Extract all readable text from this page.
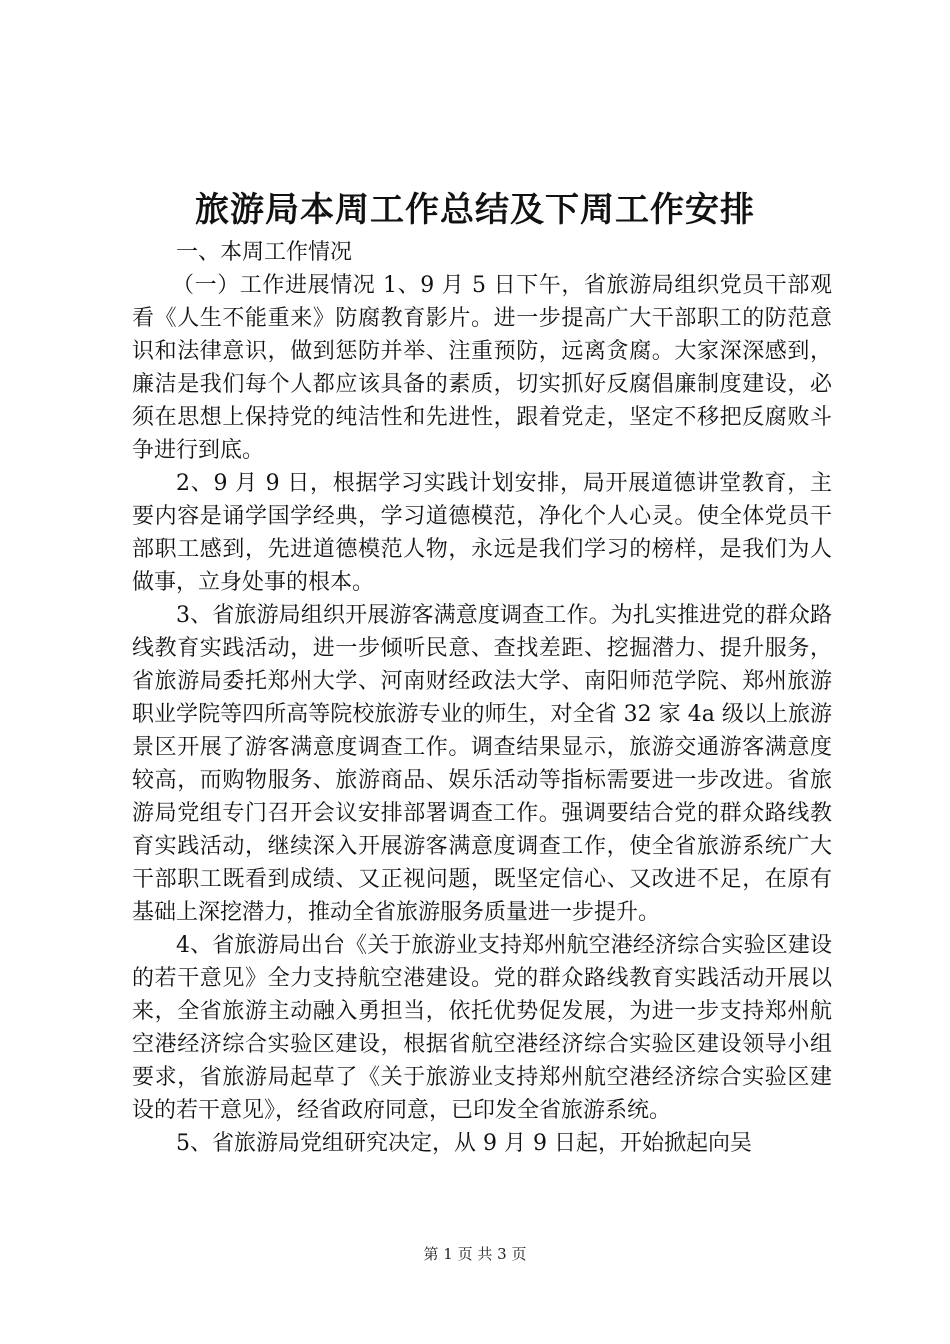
旅游局本周工作总结及下周工作安排

一、本周工作情况

（一）工作进展情况 1、9 月 5 日下午，省旅游局组织党员干部观看《人生不能重来》防腐教育影片。进一步提高广大干部职工的防范意识和法律意识，做到惩防并举、注重预防，远离贪腐。大家深深感到，廉洁是我们每个人都应该具备的素质，切实抓好反腐倡廉制度建设，必须在思想上保持党的纯洁性和先进性，跟着党走，坚定不移把反腐败斗争进行到底。

2、9 月 9 日，根据学习实践计划安排，局开展道德讲堂教育，主要内容是诵学国学经典，学习道德模范，净化个人心灵。使全体党员干部职工感到，先进道德模范人物，永远是我们学习的榜样，是我们为人做事，立身处事的根本。

3、省旅游局组织开展游客满意度调查工作。为扎实推进党的群众路线教育实践活动，进一步倾听民意、查找差距、挖掘潜力、提升服务，省旅游局委托郑州大学、河南财经政法大学、南阳师范学院、郑州旅游职业学院等四所高等院校旅游专业的师生，对全省 32 家 4a 级以上旅游景区开展了游客满意度调查工作。调查结果显示，旅游交通游客满意度较高，而购物服务、旅游商品、娱乐活动等指标需要进一步改进。省旅游局党组专门召开会议安排部署调查工作。强调要结合党的群众路线教育实践活动，继续深入开展游客满意度调查工作，使全省旅游系统广大干部职工既看到成绩、又正视问题，既坚定信心、又改进不足，在原有基础上深挖潜力，推动全省旅游服务质量进一步提升。

4、省旅游局出台《关于旅游业支持郑州航空港经济综合实验区建设的若干意见》全力支持航空港建设。党的群众路线教育实践活动开展以来，全省旅游主动融入勇担当，依托优势促发展，为进一步支持郑州航空港经济综合实验区建设，根据省航空港经济综合实验区建设领导小组要求，省旅游局起草了《关于旅游业支持郑州航空港经济综合实验区建设的若干意见》，经省政府同意，已印发全省旅游系统。

5、省旅游局党组研究决定，从 9 月 9 日起，开始掀起向吴

第 1 页 共 3 页
